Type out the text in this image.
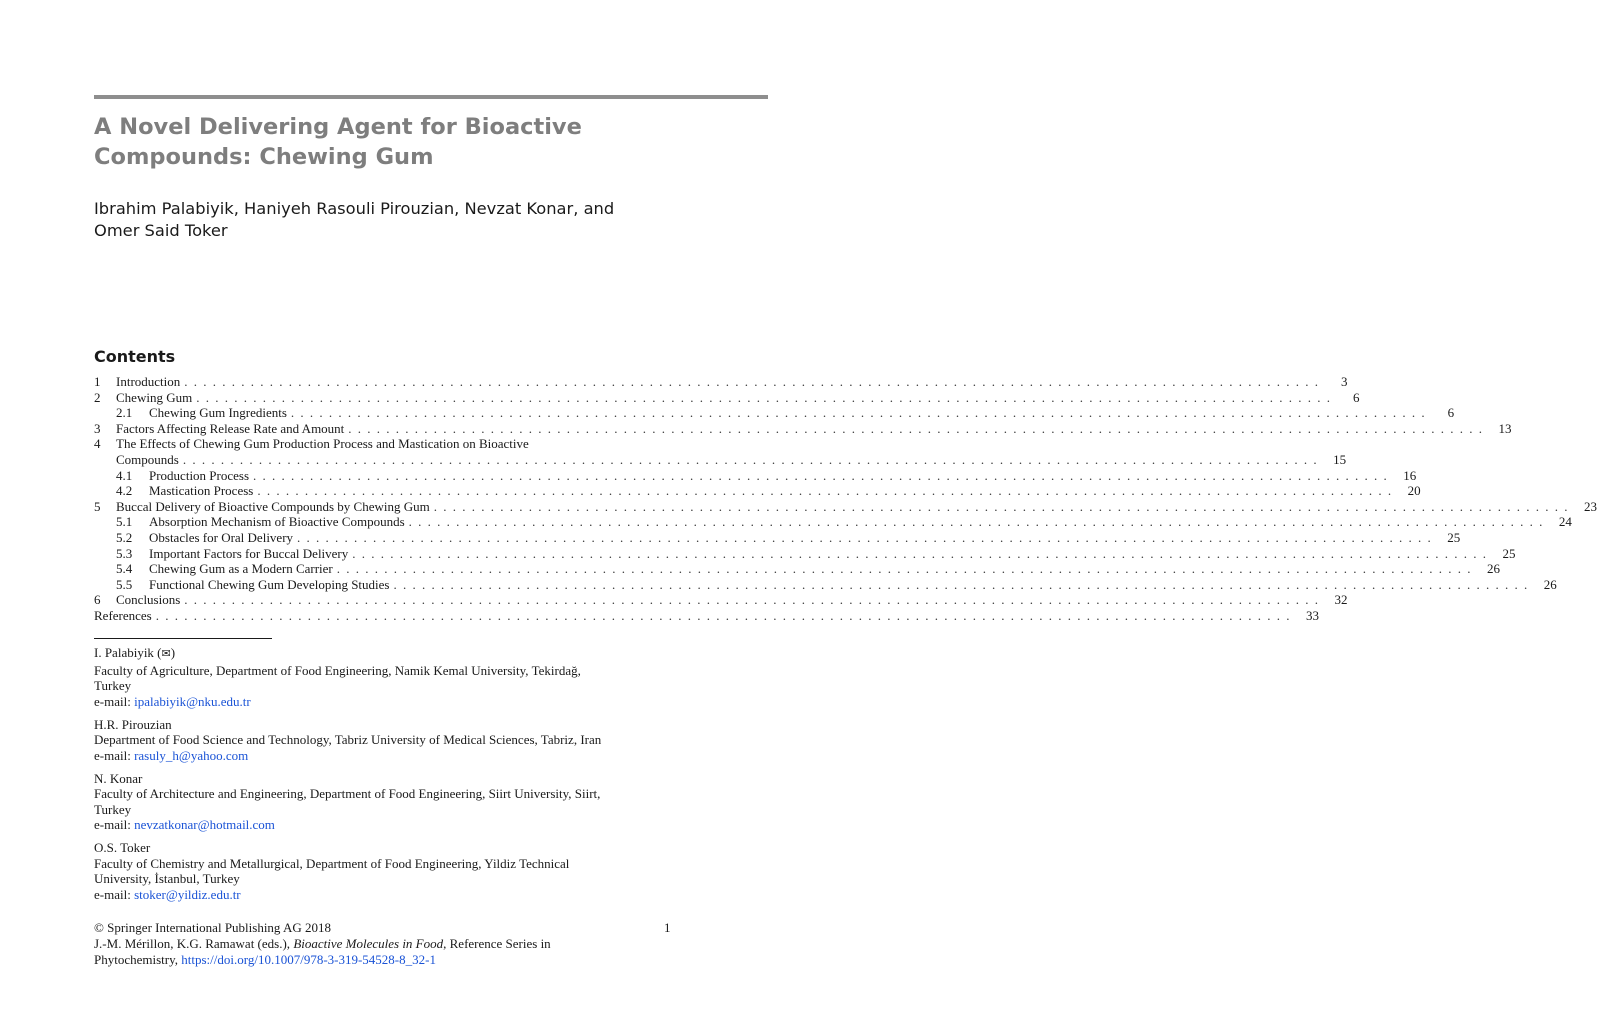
A Novel Delivering Agent for Bioactive
Compounds: Chewing Gum
Ibrahim Palabiyik, Haniyeh Rasouli Pirouzian, Nevzat Konar, and
Omer Said Toker
Contents
1	Introduction . . . . . . . . . . . . . . . . . . . . . . . . . . . . . . . . . . . . . . . . . . . . . . . . . . . . . . . . . . . . . . . . . . . . . . . . . . . . . . . . . . . . . . . . . . . . . . . . . . . . . . . . . . . . . . . . . . . . . . . .	3
2	Chewing Gum . . . . . . . . . . . . . . . . . . . . . . . . . . . . . . . . . . . . . . . . . . . . . . . . . . . . . . . . . . . . . . . . . . . . . . . . . . . . . . . . . . . . . . . . . . . . . . . . . . . . . . . . . . . . . . . . . . . . . . . .	6
2.1	Chewing Gum Ingredients . . . . . . . . . . . . . . . . . . . . . . . . . . . . . . . . . . . . . . . . . . . . . . . . . . . . . . . . . . . . . . . . . . . . . . . . . . . . . . . . . . . . . . . . . . . . . . . . . . . . . . . . . . . . . . . . . . . . . . . .	6
3	Factors Affecting Release Rate and Amount . . . . . . . . . . . . . . . . . . . . . . . . . . . . . . . . . . . . . . . . . . . . . . . . . . . . . . . . . . . . . . . . . . . . . . . . . . . . . . . . . . . . . . . . . . . . . . . . . . . . . . . . . . . . . . . . . . . . . . . .	13
4	The Effects of Chewing Gum Production Process and Mastication on Bioactive
Compounds . . . . . . . . . . . . . . . . . . . . . . . . . . . . . . . . . . . . . . . . . . . . . . . . . . . . . . . . . . . . . . . . . . . . . . . . . . . . . . . . . . . . . . . . . . . . . . . . . . . . . . . . . . . . . . . . . . . . . . . .	15
4.1	Production Process . . . . . . . . . . . . . . . . . . . . . . . . . . . . . . . . . . . . . . . . . . . . . . . . . . . . . . . . . . . . . . . . . . . . . . . . . . . . . . . . . . . . . . . . . . . . . . . . . . . . . . . . . . . . . . . . . . . . . . . .	16
4.2	Mastication Process . . . . . . . . . . . . . . . . . . . . . . . . . . . . . . . . . . . . . . . . . . . . . . . . . . . . . . . . . . . . . . . . . . . . . . . . . . . . . . . . . . . . . . . . . . . . . . . . . . . . . . . . . . . . . . . . . . . . . . . .	20
5	Buccal Delivery of Bioactive Compounds by Chewing Gum . . . . . . . . . . . . . . . . . . . . . . . . . . . . . . . . . . . . . . . . . . . . . . . . . . . . . . . . . . . . . . . . . . . . . . . . . . . . . . . . . . . . . . . . . . . . . . . . . . . . . . . . . . . . . . . . . . . . . . . .	23
5.1	Absorption Mechanism of Bioactive Compounds . . . . . . . . . . . . . . . . . . . . . . . . . . . . . . . . . . . . . . . . . . . . . . . . . . . . . . . . . . . . . . . . . . . . . . . . . . . . . . . . . . . . . . . . . . . . . . . . . . . . . . . . . . . . . . . . . . . . . . . .	24
5.2	Obstacles for Oral Delivery . . . . . . . . . . . . . . . . . . . . . . . . . . . . . . . . . . . . . . . . . . . . . . . . . . . . . . . . . . . . . . . . . . . . . . . . . . . . . . . . . . . . . . . . . . . . . . . . . . . . . . . . . . . . . . . . . . . . . . . .	25
5.3	Important Factors for Buccal Delivery . . . . . . . . . . . . . . . . . . . . . . . . . . . . . . . . . . . . . . . . . . . . . . . . . . . . . . . . . . . . . . . . . . . . . . . . . . . . . . . . . . . . . . . . . . . . . . . . . . . . . . . . . . . . . . . . . . . . . . . .	25
5.4	Chewing Gum as a Modern Carrier . . . . . . . . . . . . . . . . . . . . . . . . . . . . . . . . . . . . . . . . . . . . . . . . . . . . . . . . . . . . . . . . . . . . . . . . . . . . . . . . . . . . . . . . . . . . . . . . . . . . . . . . . . . . . . . . . . . . . . . .	26
5.5	Functional Chewing Gum Developing Studies . . . . . . . . . . . . . . . . . . . . . . . . . . . . . . . . . . . . . . . . . . . . . . . . . . . . . . . . . . . . . . . . . . . . . . . . . . . . . . . . . . . . . . . . . . . . . . . . . . . . . . . . . . . . . . . . . . . . . . . .	26
6	Conclusions . . . . . . . . . . . . . . . . . . . . . . . . . . . . . . . . . . . . . . . . . . . . . . . . . . . . . . . . . . . . . . . . . . . . . . . . . . . . . . . . . . . . . . . . . . . . . . . . . . . . . . . . . . . . . . . . . . . . . . . .	32
References . . . . . . . . . . . . . . . . . . . . . . . . . . . . . . . . . . . . . . . . . . . . . . . . . . . . . . . . . . . . . . . . . . . . . . . . . . . . . . . . . . . . . . . . . . . . . . . . . . . . . . . . . . . . . . . . . . . . . . . .	33
I. Palabiyik (✉)
Faculty of Agriculture, Department of Food Engineering, Namik Kemal University, Tekirdağ,
Turkey
e-mail: ipalabiyik@nku.edu.tr
H.R. Pirouzian
Department of Food Science and Technology, Tabriz University of Medical Sciences, Tabriz, Iran
e-mail: rasuly_h@yahoo.com
N. Konar
Faculty of Architecture and Engineering, Department of Food Engineering, Siirt University, Siirt,
Turkey
e-mail: nevzatkonar@hotmail.com
O.S. Toker
Faculty of Chemistry and Metallurgical, Department of Food Engineering, Yildiz Technical
University, İstanbul, Turkey
e-mail: stoker@yildiz.edu.tr
© Springer International Publishing AG 2018
J.-M. Mérillon, K.G. Ramawat (eds.), Bioactive Molecules in Food, Reference Series in
Phytochemistry, https://doi.org/10.1007/978-3-319-54528-8_32-1
1
